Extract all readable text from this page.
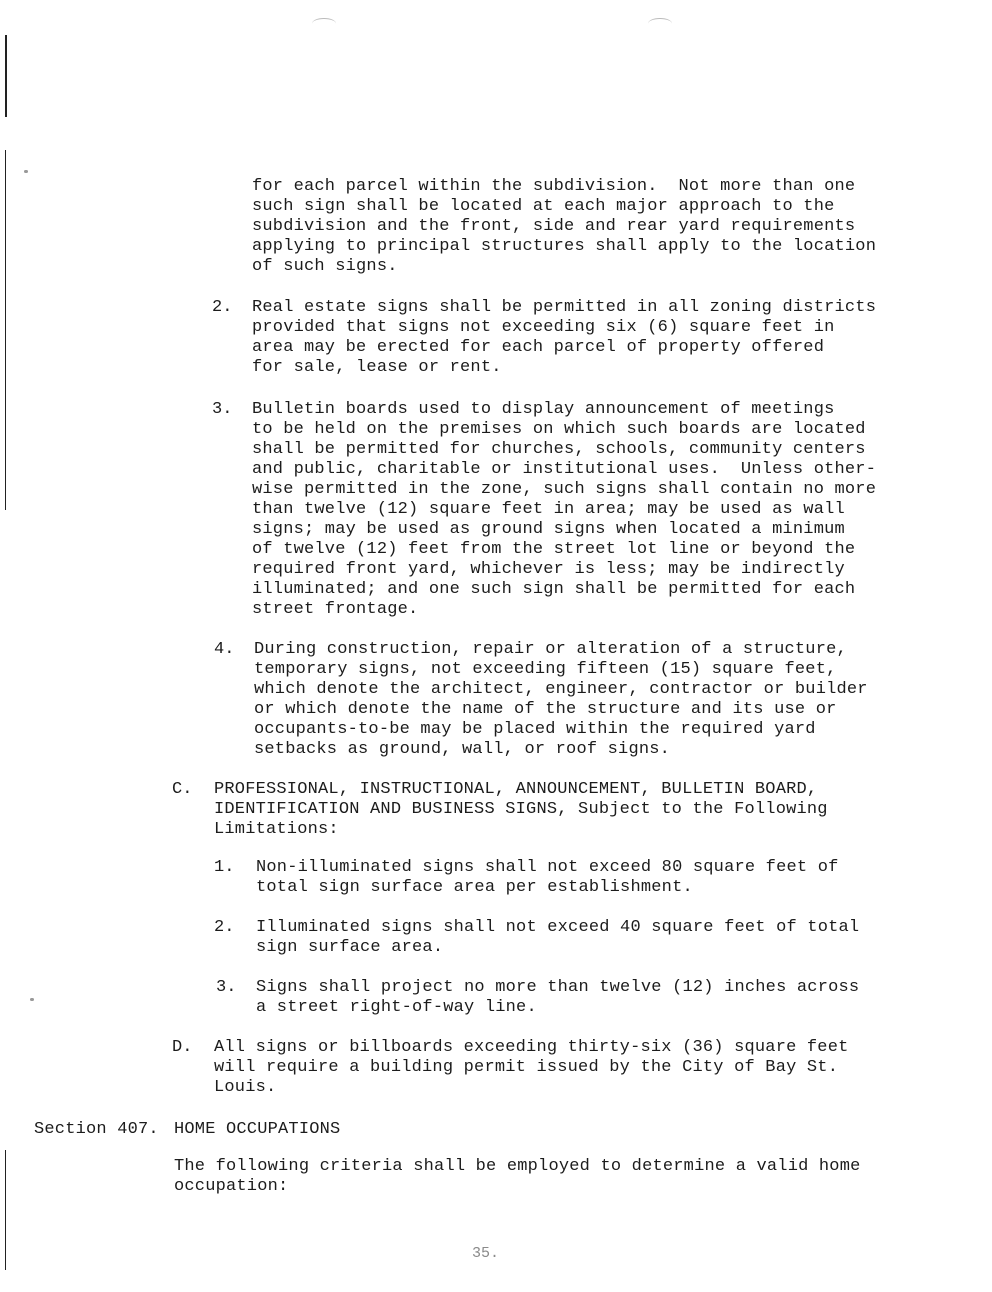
for each parcel within the subdivision.  Not more than one
such sign shall be located at each major approach to the
subdivision and the front, side and rear yard requirements
applying to principal structures shall apply to the location
of such signs.
2. Real estate signs shall be permitted in all zoning districts
provided that signs not exceeding six (6) square feet in
area may be erected for each parcel of property offered
for sale, lease or rent.
3. Bulletin boards used to display announcement of meetings
to be held on the premises on which such boards are located
shall be permitted for churches, schools, community centers
and public, charitable or institutional uses.  Unless other-
wise permitted in the zone, such signs shall contain no more
than twelve (12) square feet in area; may be used as wall
signs; may be used as ground signs when located a minimum
of twelve (12) feet from the street lot line or beyond the
required front yard, whichever is less; may be indirectly
illuminated; and one such sign shall be permitted for each
street frontage.
4. During construction, repair or alteration of a structure,
temporary signs, not exceeding fifteen (15) square feet,
which denote the architect, engineer, contractor or builder
or which denote the name of the structure and its use or
occupants-to-be may be placed within the required yard
setbacks as ground, wall, or roof signs.
C. PROFESSIONAL, INSTRUCTIONAL, ANNOUNCEMENT, BULLETIN BOARD,
IDENTIFICATION AND BUSINESS SIGNS, Subject to the Following
Limitations:
1. Non-illuminated signs shall not exceed 80 square feet of
total sign surface area per establishment.
2. Illuminated signs shall not exceed 40 square feet of total
sign surface area.
3. Signs shall project no more than twelve (12) inches across
a street right-of-way line.
D. All signs or billboards exceeding thirty-six (36) square feet
will require a building permit issued by the City of Bay St.
Louis.
Section 407. HOME OCCUPATIONS
The following criteria shall be employed to determine a valid home
occupation:
35.
